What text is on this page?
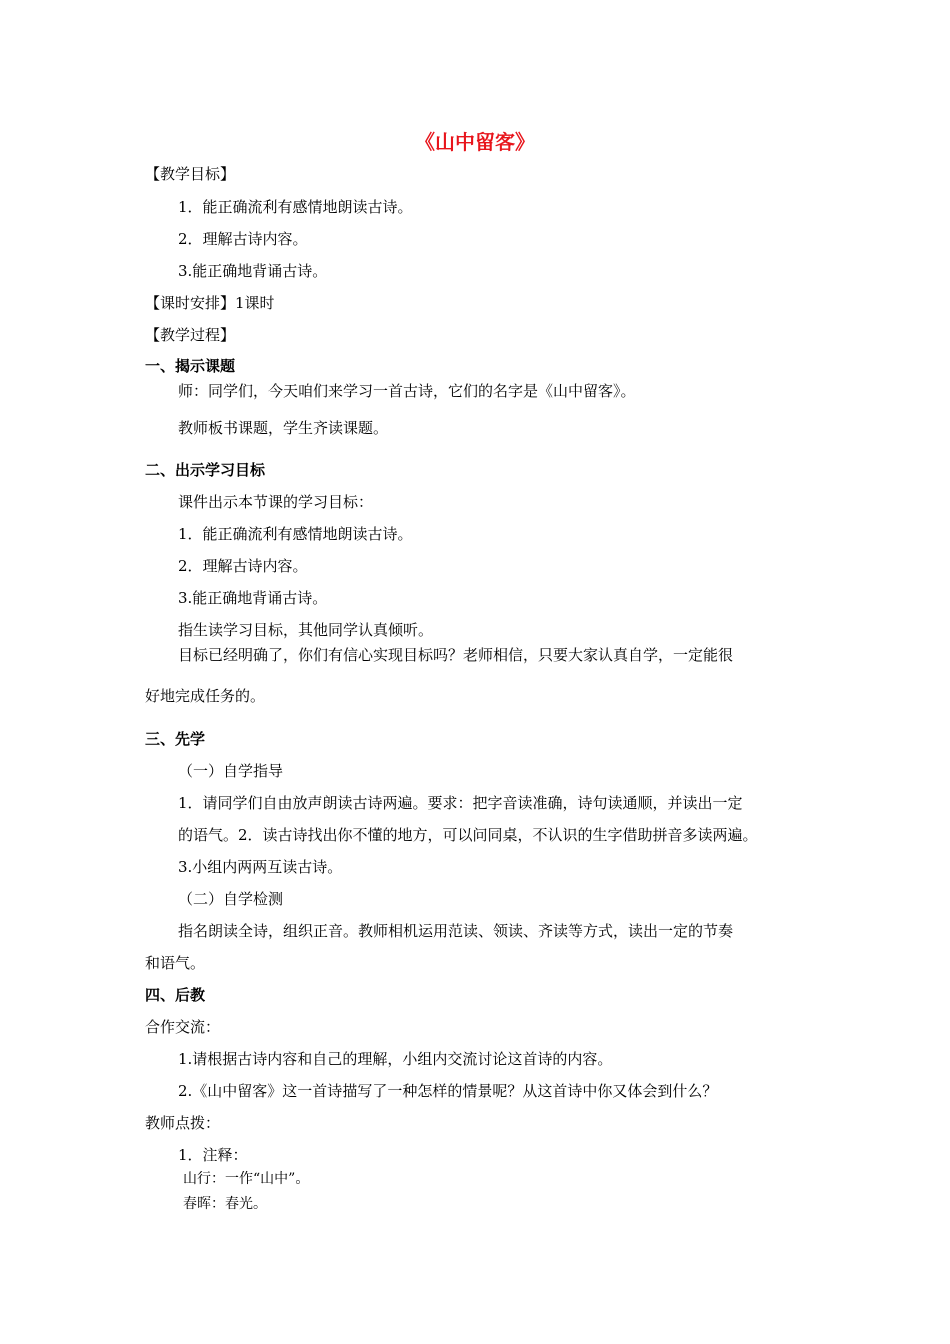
《山中留客》
【教学目标】
1．能正确流利有感情地朗读古诗。
2．理解古诗内容。
3.能正确地背诵古诗。
【课时安排】1课时
【教学过程】
一、揭示课题
师：同学们，今天咱们来学习一首古诗，它们的名字是《山中留客》。
教师板书课题，学生齐读课题。
二、出示学习目标
课件出示本节课的学习目标：
1．能正确流利有感情地朗读古诗。
2．理解古诗内容。
3.能正确地背诵古诗。
指生读学习目标，其他同学认真倾听。
目标已经明确了，你们有信心实现目标吗？老师相信，只要大家认真自学，一定能很
好地完成任务的。
三、先学
（一）自学指导
1．请同学们自由放声朗读古诗两遍。要求：把字音读准确，诗句读通顺，并读出一定
的语气。2．读古诗找出你不懂的地方，可以问同桌，不认识的生字借助拼音多读两遍。
3.小组内两两互读古诗。
（二）自学检测
指名朗读全诗，组织正音。教师相机运用范读、领读、齐读等方式，读出一定的节奏
和语气。
四、后教
合作交流：
1.请根据古诗内容和自己的理解，小组内交流讨论这首诗的内容。
2.《山中留客》这一首诗描写了一种怎样的情景呢？从这首诗中你又体会到什么？
教师点拨：
1．注释：
山行：一作“山中”。
春晖：春光。
